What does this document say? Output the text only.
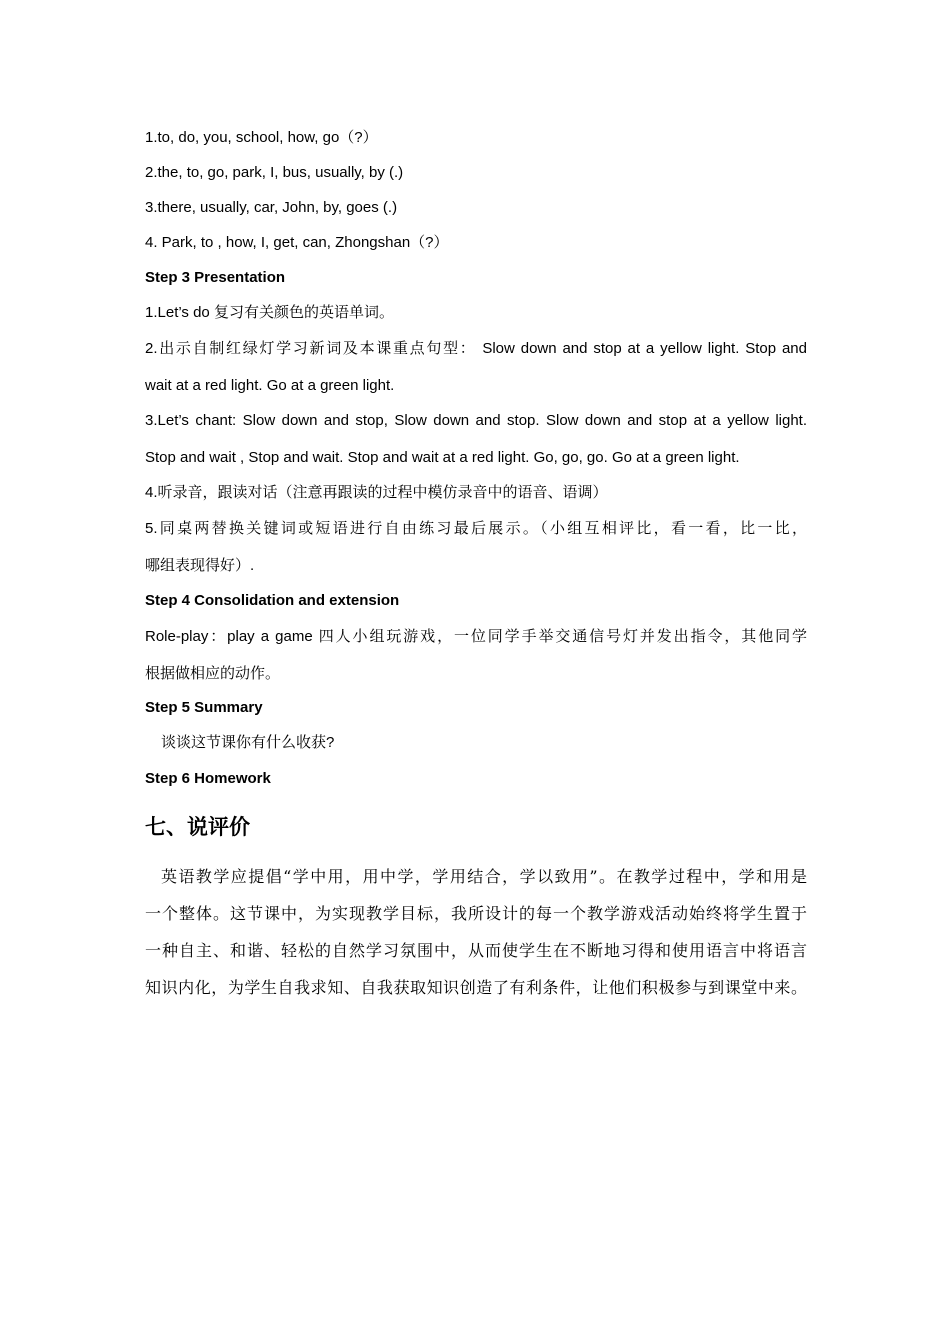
1.to, do, you, school, how, go（?）
2.the, to, go, park, I, bus, usually, by (.)
3.there, usually, car, John, by, goes (.)
4. Park, to , how, I, get, can, Zhongshan（?）
Step 3 Presentation
1.Let’s do 复习有关颜色的英语单词。
2.出示自制红绿灯学习新词及本课重点句型： Slow down and stop at a yellow light. Stop and
wait at a red light. Go at a green light.
3.Let’s chant: Slow down and stop, Slow down and stop. Slow down and stop at a yellow light.
Stop and wait , Stop and wait. Stop and wait at a red light. Go, go, go. Go at a green light.
4.听录音，跟读对话（注意再跟读的过程中模仿录音中的语音、语调）
5.同桌两替换关键词或短语进行自由练习最后展示。（小组互相评比，看一看，比一比，
哪组表现得好）.
Step 4 Consolidation and extension
Role-play：play a game 四人小组玩游戏，一位同学手举交通信号灯并发出指令，其他同学
根据做相应的动作。
Step 5 Summary
谈谈这节课你有什么收获?
Step 6 Homework
七、说评价
英语教学应提倡“学中用，用中学，学用结合，学以致用”。在教学过程中，学和用是
一个整体。这节课中，为实现教学目标，我所设计的每一个教学游戏活动始终将学生置于
一种自主、和谐、轻松的自然学习氛围中，从而使学生在不断地习得和使用语言中将语言
知识内化，为学生自我求知、自我获取知识创造了有利条件，让他们积极参与到课堂中来。
